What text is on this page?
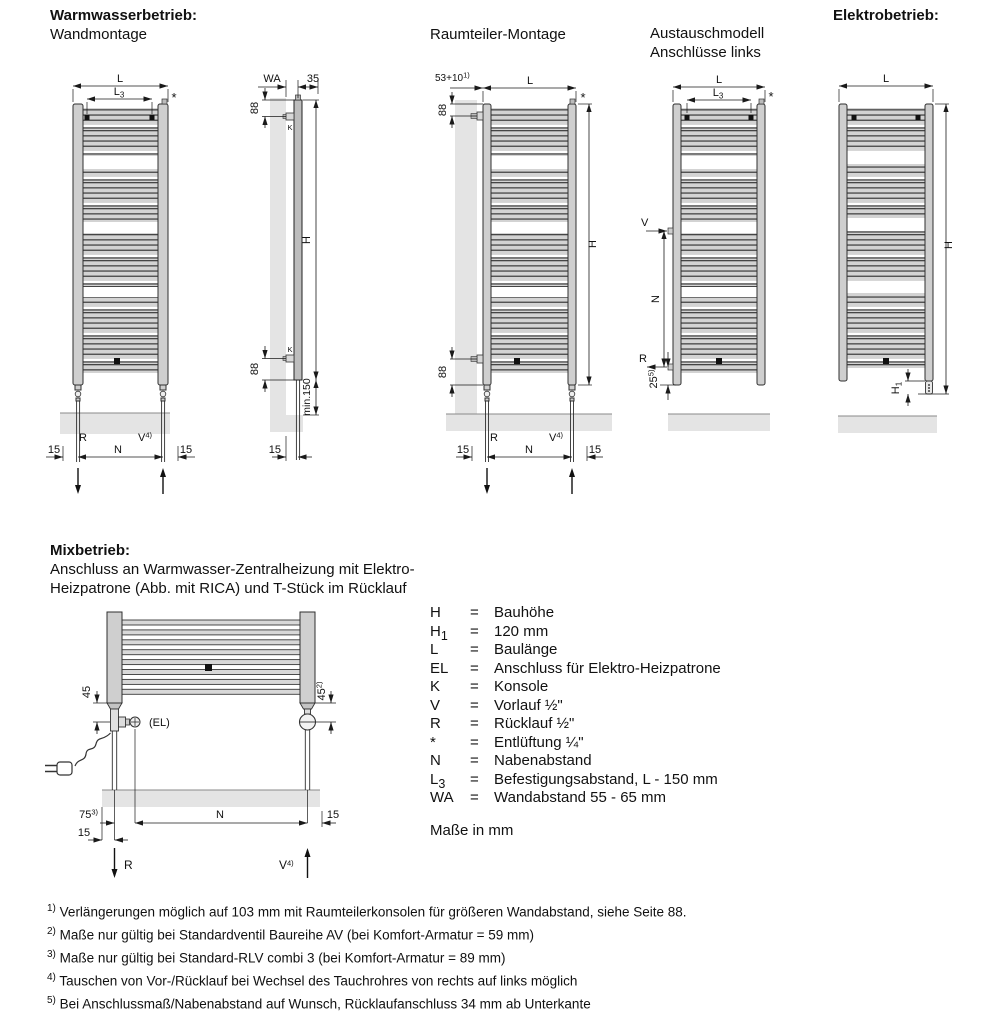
Warmwasserbetrieb:
Wandmontage	Raumteiler-Montage	Austauschmodell
Anschlüsse links
Elektrobetrieb:
Mixbetrieb:
Anschluss an Warmwasser-Zentralheizung mit Elektro-
Heizpatrone (Abb. mit RICA) und T-Stück im Rücklauf
H	=	Bauhöhe
$H_1$	=	120 mm
L	=	Baulänge
EL	=	Anschluss für Elektro-Heizpatrone
K	=	Konsole
V	=	Vorlauf ½"
R	=	Rücklauf ½"
*	=	Entlüftung ¼"
N	=	Nabenabstand
$L_3$	=	Befestigungsabstand, L - 150 mm
WA	=	Wandabstand 55 - 65 mm
Maße in mm
$^{1)}$ Verlängerungen möglich auf 103 mm mit Raumteilerkonsolen für größeren Wandabstand, siehe Seite 88.
$^{2)}$ Maße nur gültig bei Standardventil Baureihe AV (bei Komfort-Armatur = 59 mm)
$^{3)}$ Maße nur gültig bei Standard-RLV combi 3 (bei Komfort-Armatur = 89 mm)
$^{4)}$ Tauschen von Vor-/Rücklauf bei Wechsel des Tauchrohres von rechts auf links möglich
$^{5)}$ Bei Anschlussmaß/Nabenabstand auf Wunsch, Rücklaufanschluss 34 mm ab Unterkante
L
$L_3$	*
R	$V^{4)}$
15	N	15
WA 35
88
K
K
H
88
min.150
15
$53+10^{1)}$	L
*
88
H
88
R	$V^{4)}$
15	N	15
L
$L_3$	*
V
N
R
25$^{5)}$
L
H
$H_1$
45	45$^{2)}$
(EL)
75$^{3)}$	N	15
15
R	$V^{4)}$
